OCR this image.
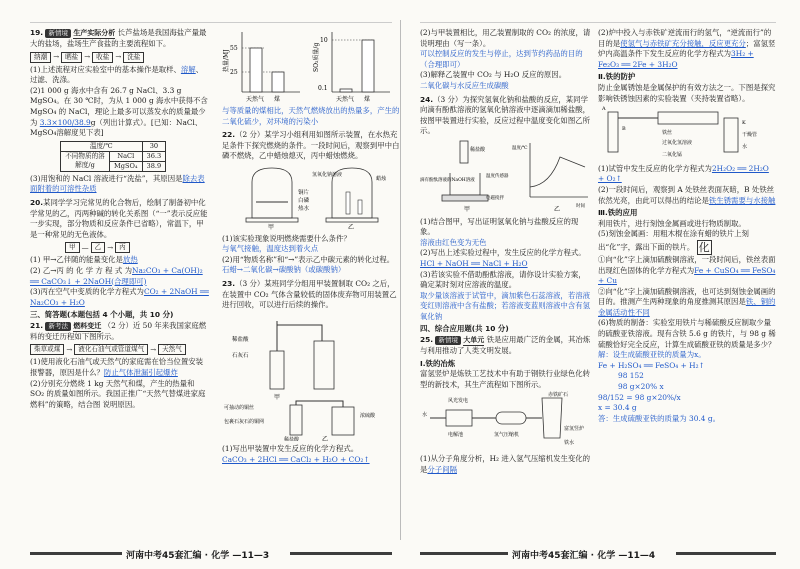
19. 新情境 生产实际分析 长芦盐场是我国海盐产量最大的盐场，盐场生产食盐的主要流程如下。

纳潮 → 晒盐 → 收盐 → 洗盐

(1)上述流程对应实验室中的基本操作是取样、溶解、过滤、洗涤。

(2)1 000 g 海水中含有 26.7 g NaCl、3.3 g MgSO₄。在 30 ℃时，为从 1 000 g 海水中获得不含 MgSO₄ 的 NaCl，理论上最多可以蒸发水的质量最少为 3.3×100/38.9g（列出计算式）。[已知：NaCl、MgSO₄溶解度见下表]

温度/℃		30
不同物质的溶解度/g	NaCl	36.3
	MgSO₄	38.9

(3)用饱和的 NaCl 溶液进行“洗盐”，其原因是除去表面附着的可溶性杂质

20.某同学学习完常见的化合物后，绘制了制备初中化学常见的乙，丙两种碱的转化关系图（“一”表示反应能一步实现，部分物质和反应条件已省略），常温下，甲是一种常见的无色液体。

甲 — 乙 → 丙

(1) 甲→乙伴随的能量变化是放热

(2) 乙→丙 的 化 学 方 程 式 为Na₂CO₃ + Ca(OH)₂ ══ CaCO₃↓ + 2NaOH(合理即可)

(3)丙在空气中变质的化学方程式为CO₂ + 2NaOH ══ Na₂CO₃ + H₂O

三、简答题(本题包括 4 个小题，共 10 分)

21. 新考法 燃料变迁 （2 分）近 50 年来我国家庭燃料的变迁历程如下图所示。

柴草或煤 → 液化石油气或管道煤气 → 天然气

(1)使用液化石油气或天然气的家庭需在恰当位置安装报警器，原因是什么？防止气体泄漏引起爆炸

(2)分别充分燃烧 1 kg 天然气和煤，产生的热量和 SO₂ 的质量如图所示。我国正推广“天然气替煤进家庭燃料”的策略，结合图 说明原因。

热量/MJ
55
25
天然气 煤
SO₂质量/g
10
0.1
天然气 煤

与等质量的煤相比，天然气燃烧放出的热量多，产生的二氧化硫少，对环境的污染小

22.（2 分）某学习小组利用如图所示装置，在水热充足条件下探究燃烧的条件。一段时间后，观察到甲中白磷不燃烧，乙中蜡烛熄灭，丙中蜡烛燃烧。

铜片
白磷
热水
蜡烛
氢氧化钠溶液
甲	乙

(1)该实验现象说明燃烧需要什么条件？

与氧气接触，温度达到着火点

(2)用“物质名称”和“→”表示乙中碳元素的转化过程。

石蜡→二氧化碳→碳酸钠（或碳酸钠）

23.（3 分）某班同学分组用甲装置制取 CO₂ 之后，在装置中 CO₂ 气体含量较低的固体废弃物可用装置乙进行回收，可以进行后续的操作。

稀盐酸
石灰石
甲
可抽动的铜丝
包裹石灰石的铜网
稀盐酸
浓硫酸
乙

(1)写出甲装置中发生反应的化学方程式。

CaCO₃ + 2HCl ══ CaCl₂ + H₂O + CO₂↑

(2)与甲装置相比，用乙装置制取的 CO₂ 的浓度，请说明理由（写一条）。

可以控制反应的发生与停止，达到节约药品的目的（合理即可）

(3)解释乙装置中 CO₂ 与 H₂O 反应的原因。

二氧化碳与水反应生成碳酸

24.（3 分）为探究氢氧化钠和盐酸的反应，某同学向滴有酚酞溶液的氢氧化钠溶液中逐滴滴加稀盐酸，按图甲装置进行实验，反应过程中温度变化如图乙所示。

稀盐酸
滴有酚酞溶液的NaOH溶液
温度传感器
电磁搅拌
甲
温度/℃
时间
乙

(1)结合图甲，写出证明氢氧化钠与盐酸反应的现象。

溶液由红色变为无色

(2)写出上述实验过程中，发生反应的化学方程式。

HCl + NaOH ══ NaCl + H₂O

(3)若该实验不借助酚酞溶液，请你设计实验方案，确定某时刻对应溶液的温度。

取少量该溶液于试管中，滴加紫色石蕊溶液，若溶液变红则溶液中含有盐酸；若溶液变蓝则溶液中含有氢氧化钠

四、综合应用题(共 10 分)

25. 新情境 大单元 铁是应用最广泛的金属，其冶炼与利用推动了人类文明发展。

Ⅰ.铁的冶炼

富氢竖炉是炼铁工艺技术中有助于钢铁行业绿色化转型的新技术，其生产流程如下图所示。

风光发电
电解池	氢气压缩机
赤铁矿石
富氢竖炉
铁水
水

(1)从分子角度分析，H₂ 进入氢气压缩机发生变化的是分子间隔

(2)炉中投入与赤铁矿逆流而行的氢气，“逆流而行”的目的是使氢气与赤铁矿充分接触，反应更充分；富氢竖炉内高温条件下发生反应的化学方程式为3H₂ + Fe₂O₃ ══ 2Fe + 3H₂O

Ⅱ.铁的防护

防止金属锈蚀是金属保护的有效方法之一。下图是探究影响铁锈蚀因素的实验装置（夹持装置省略）。

A
B
铁丝
过氧化氢溶液
二氧化锰
K
干燥管
水

(1)试管中发生反应的化学方程式为2H₂O₂ ══ 2H₂O + O₂↑

(2)一段时间后，观察到 A 处铁丝表面灰暗，B 处铁丝依然光亮，由此可以得出的结论是铁生锈需要与水接触

Ⅲ.铁的应用

利用铁片，进行刻蚀金属画或进行物质制取。

(5)刻蚀金属画：用粗木棍在涂有蜡的铁片上刻出“化”字，露出下面的铁片。 化

①向“化”字上滴加硫酸铜溶液，一段时间后，铁丝表面出现红色固体的化学方程式为Fe + CuSO₄ ══ FeSO₄ + Cu

②向“化”字上滴加硫酸铜溶液，也可达到刻蚀金属画的目的。推测产生两种现象的角度推测其原因是铁、铜的金属活动性不同

(6)物质的制备：实验室用铁片与稀硫酸反应制取少量的硫酸亚铁溶液。现有含铁 5.6 g 的铁片，与 98 g 稀硫酸恰好完全反应，计算生成硫酸亚铁的质量是多少？

解：设生成硫酸亚铁的质量为x。

Fe + H₂SO₄ ══ FeSO₄ + H₂↑

98 152

98 g×20% x

98/152 = 98 g×20%/x

x = 30.4 g

答：生成硫酸亚铁的质量为 30.4 g。

河南中考45套汇编 · 化学 —11—3	河南中考45套汇编 · 化学 —11—4
